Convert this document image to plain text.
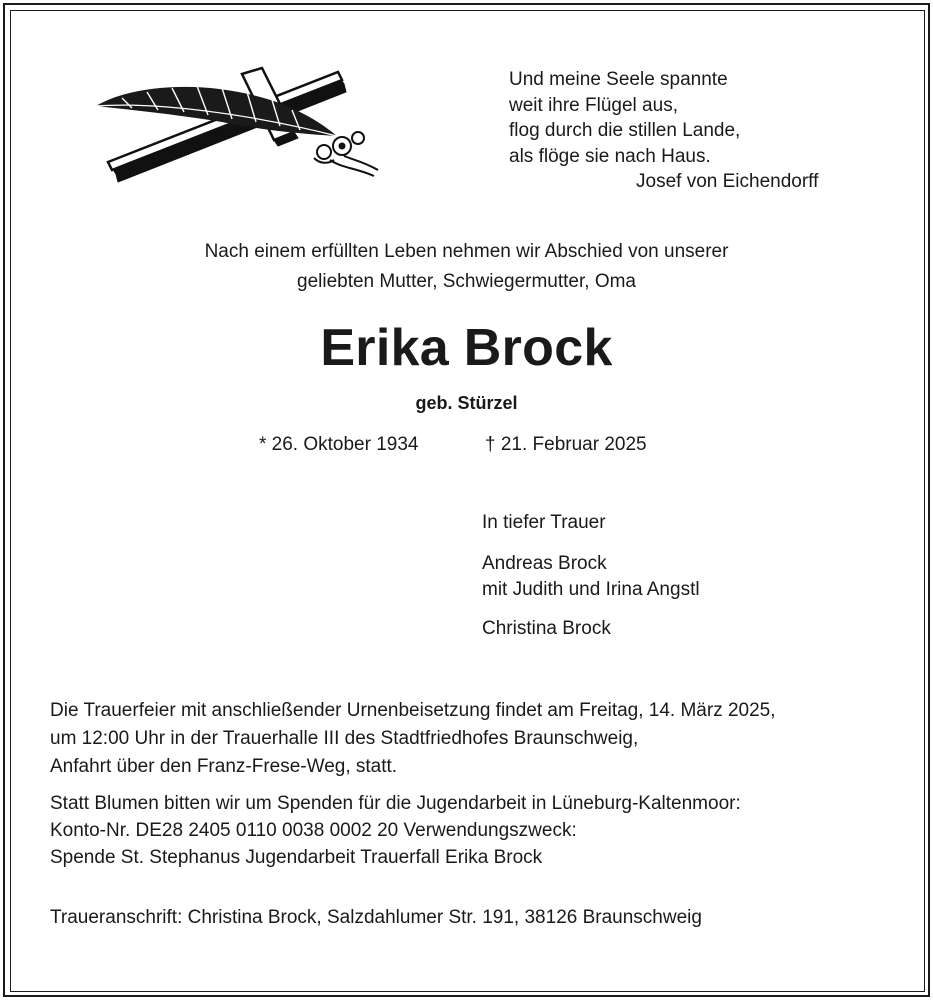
Und meine Seele spannte
weit ihre Flügel aus,
flog durch die stillen Lande,
als flöge sie nach Haus.
Josef von Eichendorff
Nach einem erfüllten Leben nehmen wir Abschied von unserer
geliebten Mutter, Schwiegermutter, Oma
Erika Brock
geb. Stürzel
* 26. Oktober 1934	† 21. Februar 2025
In tiefer Trauer
Andreas Brock
mit Judith und Irina Angstl
Christina Brock
Die Trauerfeier mit anschließender Urnenbeisetzung findet am Freitag, 14. März 2025,
um 12:00 Uhr in der Trauerhalle III des Stadtfriedhofes Braunschweig,
Anfahrt über den Franz-Frese-Weg, statt.
Statt Blumen bitten wir um Spenden für die Jugendarbeit in Lüneburg-Kaltenmoor:
Konto-Nr. DE28 2405 0110 0038 0002 20 Verwendungszweck:
Spende St. Stephanus Jugendarbeit Trauerfall Erika Brock
Traueranschrift: Christina Brock, Salzdahlumer Str. 191, 38126 Braunschweig
